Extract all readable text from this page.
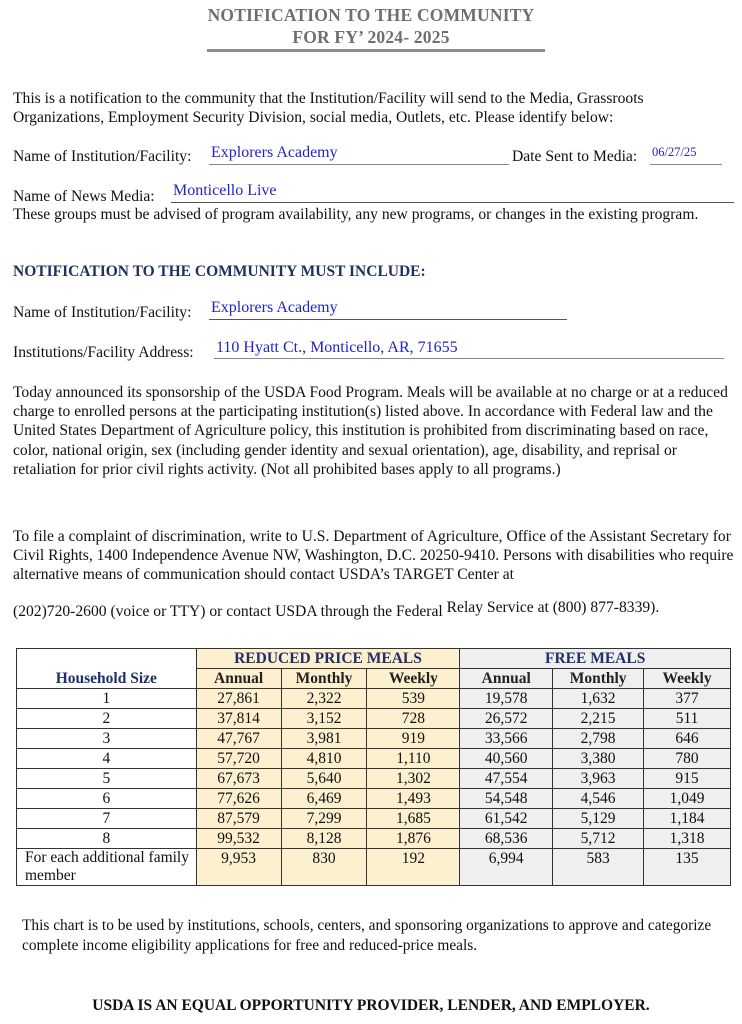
NOTIFICATION TO THE COMMUNITY
FOR FY’ 2024- 2025
This is a notification to the community that the Institution/Facility will send to the Media, Grassroots Organizations, Employment Security Division, social media, Outlets, etc. Please identify below:
Name of Institution/Facility: Explorers Academy	Date Sent to Media: 06/27/25
Name of News Media: Monticello Live
These groups must be advised of program availability, any new programs, or changes in the existing program.
NOTIFICATION TO THE COMMUNITY MUST INCLUDE:
Name of Institution/Facility: Explorers Academy
Institutions/Facility Address: 110 Hyatt Ct., Monticello, AR, 71655
Today announced its sponsorship of the USDA Food Program. Meals will be available at no charge or at a reduced charge to enrolled persons at the participating institution(s) listed above. In accordance with Federal law and the United States Department of Agriculture policy, this institution is prohibited from discriminating based on race, color, national origin, sex (including gender identity and sexual orientation), age, disability, and reprisal or retaliation for prior civil rights activity. (Not all prohibited bases apply to all programs.)
To file a complaint of discrimination, write to U.S. Department of Agriculture, Office of the Assistant Secretary for Civil Rights, 1400 Independence Avenue NW, Washington, D.C. 20250-9410. Persons with disabilities who require alternative means of communication should contact USDA’s TARGET Center at
(202)720-2600 (voice or TTY) or contact USDA through the Federal Relay Service at (800) 877-8339).
Household Size	REDUCED PRICE MEALS			FREE MEALS		
	Annual	Monthly	Weekly	Annual	Monthly	Weekly
1	27,861	2,322	539	19,578	1,632	377
2	37,814	3,152	728	26,572	2,215	511
3	47,767	3,981	919	33,566	2,798	646
4	57,720	4,810	1,110	40,560	3,380	780
5	67,673	5,640	1,302	47,554	3,963	915
6	77,626	6,469	1,493	54,548	4,546	1,049
7	87,579	7,299	1,685	61,542	5,129	1,184
8	99,532	8,128	1,876	68,536	5,712	1,318
For each additional family member	9,953	830	192	6,994	583	135
This chart is to be used by institutions, schools, centers, and sponsoring organizations to approve and categorize complete income eligibility applications for free and reduced-price meals.
USDA IS AN EQUAL OPPORTUNITY PROVIDER, LENDER, AND EMPLOYER.
